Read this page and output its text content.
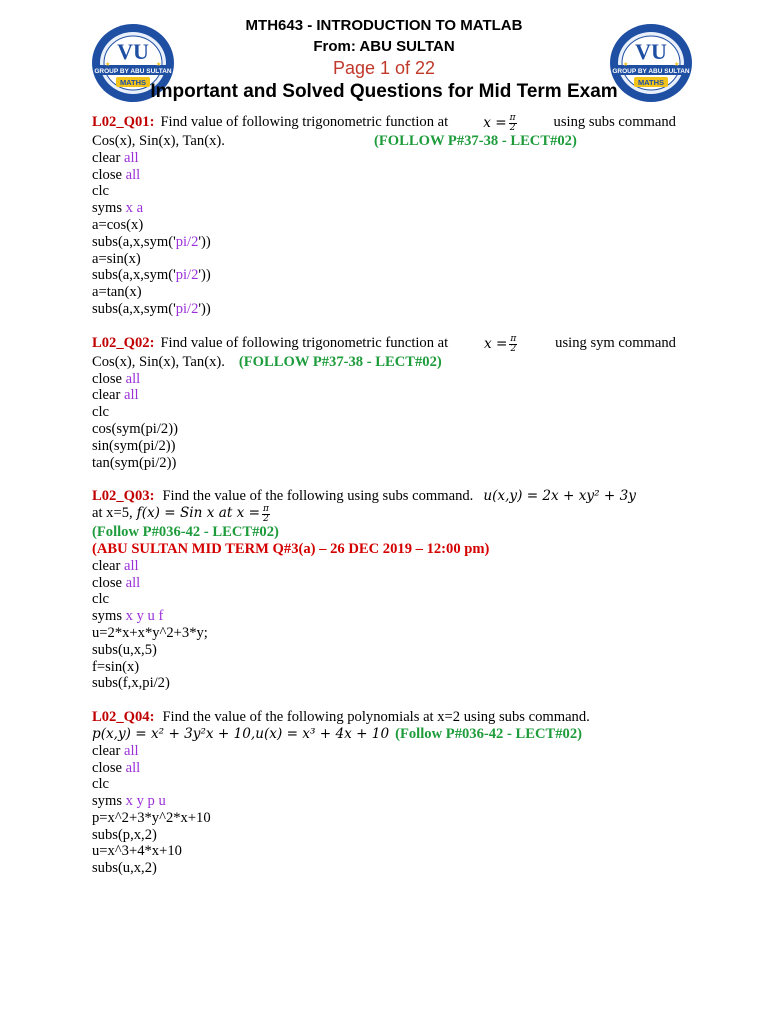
VU
GROUP BY ABU SULTAN
MATHS
★	★
MTH643 - INTRODUCTION TO MATLAB
From: ABU SULTAN
Page 1 of 22
Important and Solved Questions for Mid Term Exam
VU
GROUP BY ABU SULTAN
MATHS
★	★
L02_Q01: Find value of following trigonometric function at	$x = \frac{\pi}{2}$	using subs command
Cos(x), Sin(x), Tan(x).	(FOLLOW P#37-38 - LECT#02)
clear all
close all
clc
syms x a
a=cos(x)
subs(a,x,sym('pi/2'))
a=sin(x)
subs(a,x,sym('pi/2'))
a=tan(x)
subs(a,x,sym('pi/2'))
L02_Q02: Find value of following trigonometric function at	$x = \frac{\pi}{2}$	using sym command
Cos(x), Sin(x), Tan(x). (FOLLOW P#37-38 - LECT#02)
close all
clear all
clc
cos(sym(pi/2))
sin(sym(pi/2))
tan(sym(pi/2))
L02_Q03: Find the value of the following using subs command. u(x,y) = 2x + xy² + 3y
at x=5, f(x) = Sin x at $x = \frac{\pi}{2}$
(Follow P#036-42 - LECT#02)
(ABU SULTAN MID TERM Q#3(a) – 26 DEC 2019 – 12:00 pm)
clear all
close all
clc
syms x y u f
u=2*x+x*y^2+3*y;
subs(u,x,5)
f=sin(x)
subs(f,x,pi/2)
L02_Q04: Find the value of the following polynomials at x=2 using subs command.
p(x,y) = x² + 3y²x + 10,u(x) = x³ + 4x + 10 (Follow P#036-42 - LECT#02)
clear all
close all
clc
syms x y p u
p=x^2+3*y^2*x+10
subs(p,x,2)
u=x^3+4*x+10
subs(u,x,2)
